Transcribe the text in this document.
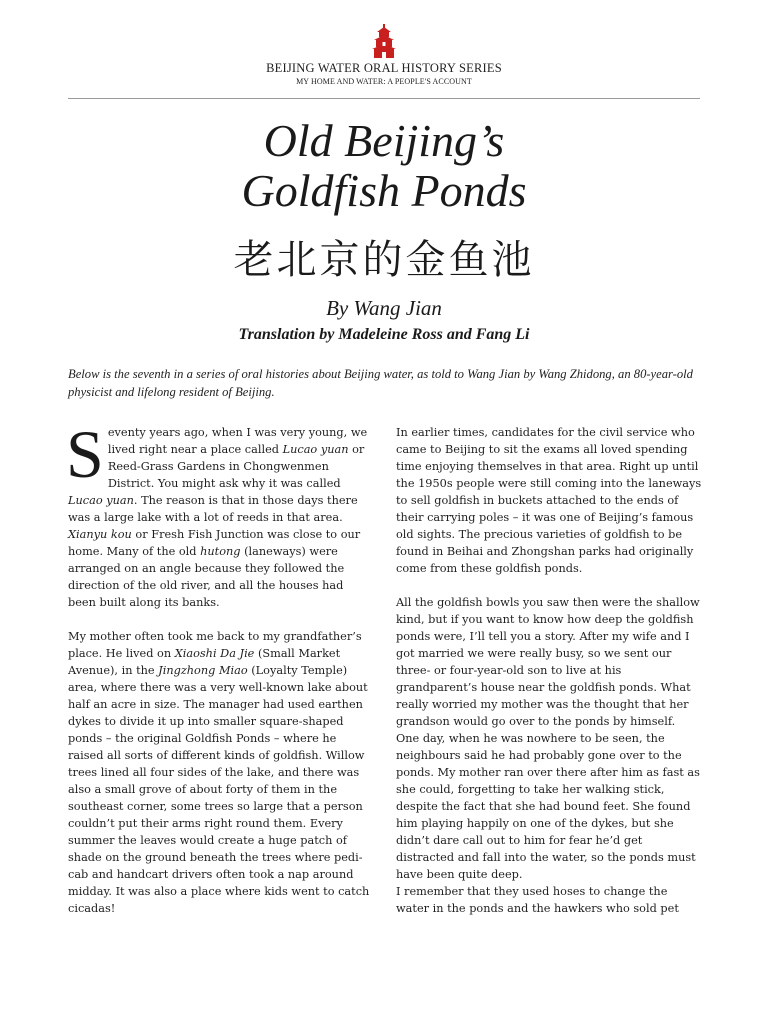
BEIJING WATER ORAL HISTORY SERIES
MY HOME AND WATER: A PEOPLE'S ACCOUNT
Old Beijing’s
Goldfish Ponds
老北京的金鱼池
By Wang Jian
Translation by Madeleine Ross and Fang Li
Below is the seventh in a series of oral histories about Beijing water, as told to Wang Jian by Wang Zhidong, an 80-year-old physicist and lifelong resident of Beijing.

Seventy years ago, when I was very young, we lived right near a place called Lucao yuan or Reed-Grass Gardens in Chongwenmen District. You might ask why it was called Lucao yuan. The reason is that in those days there was a large lake with a lot of reeds in that area. Xianyu kou or Fresh Fish Junction was close to our home. Many of the old hutong (laneways) were arranged on an angle because they followed the direction of the old river, and all the houses had been built along its banks.

My mother often took me back to my grandfather’s place. He lived on Xiaoshi Da Jie (Small Market Avenue), in the Jingzhong Miao (Loyalty Temple) area, where there was a very well-known lake about half an acre in size. The manager had used earthen dykes to divide it up into smaller square-shaped ponds – the original Goldfish Ponds – where he raised all sorts of different kinds of goldfish. Willow trees lined all four sides of the lake, and there was also a small grove of about forty of them in the southeast corner, some trees so large that a person couldn’t put their arms right round them. Every summer the leaves would create a huge patch of shade on the ground beneath the trees where pedi-cab and handcart drivers often took a nap around midday. It was also a place where kids went to catch cicadas!

In earlier times, candidates for the civil service who came to Beijing to sit the exams all loved spending time enjoying themselves in that area. Right up until the 1950s people were still coming into the laneways to sell goldfish in buckets attached to the ends of their carrying poles – it was one of Beijing’s famous old sights. The precious varieties of goldfish to be found in Beihai and Zhongshan parks had originally come from these goldfish ponds.

All the goldfish bowls you saw then were the shallow kind, but if you want to know how deep the goldfish ponds were, I’ll tell you a story. After my wife and I got married we were really busy, so we sent our three- or four-year-old son to live at his grandparent’s house near the goldfish ponds. What really worried my mother was the thought that her grandson would go over to the ponds by himself. One day, when he was nowhere to be seen, the neighbours said he had probably gone over to the ponds. My mother ran over there after him as fast as she could, forgetting to take her walking stick, despite the fact that she had bound feet. She found him playing happily on one of the dykes, but she didn’t dare call out to him for fear he’d get distracted and fall into the water, so the ponds must have been quite deep.

I remember that they used hoses to change the water in the ponds and the hawkers who sold pet
